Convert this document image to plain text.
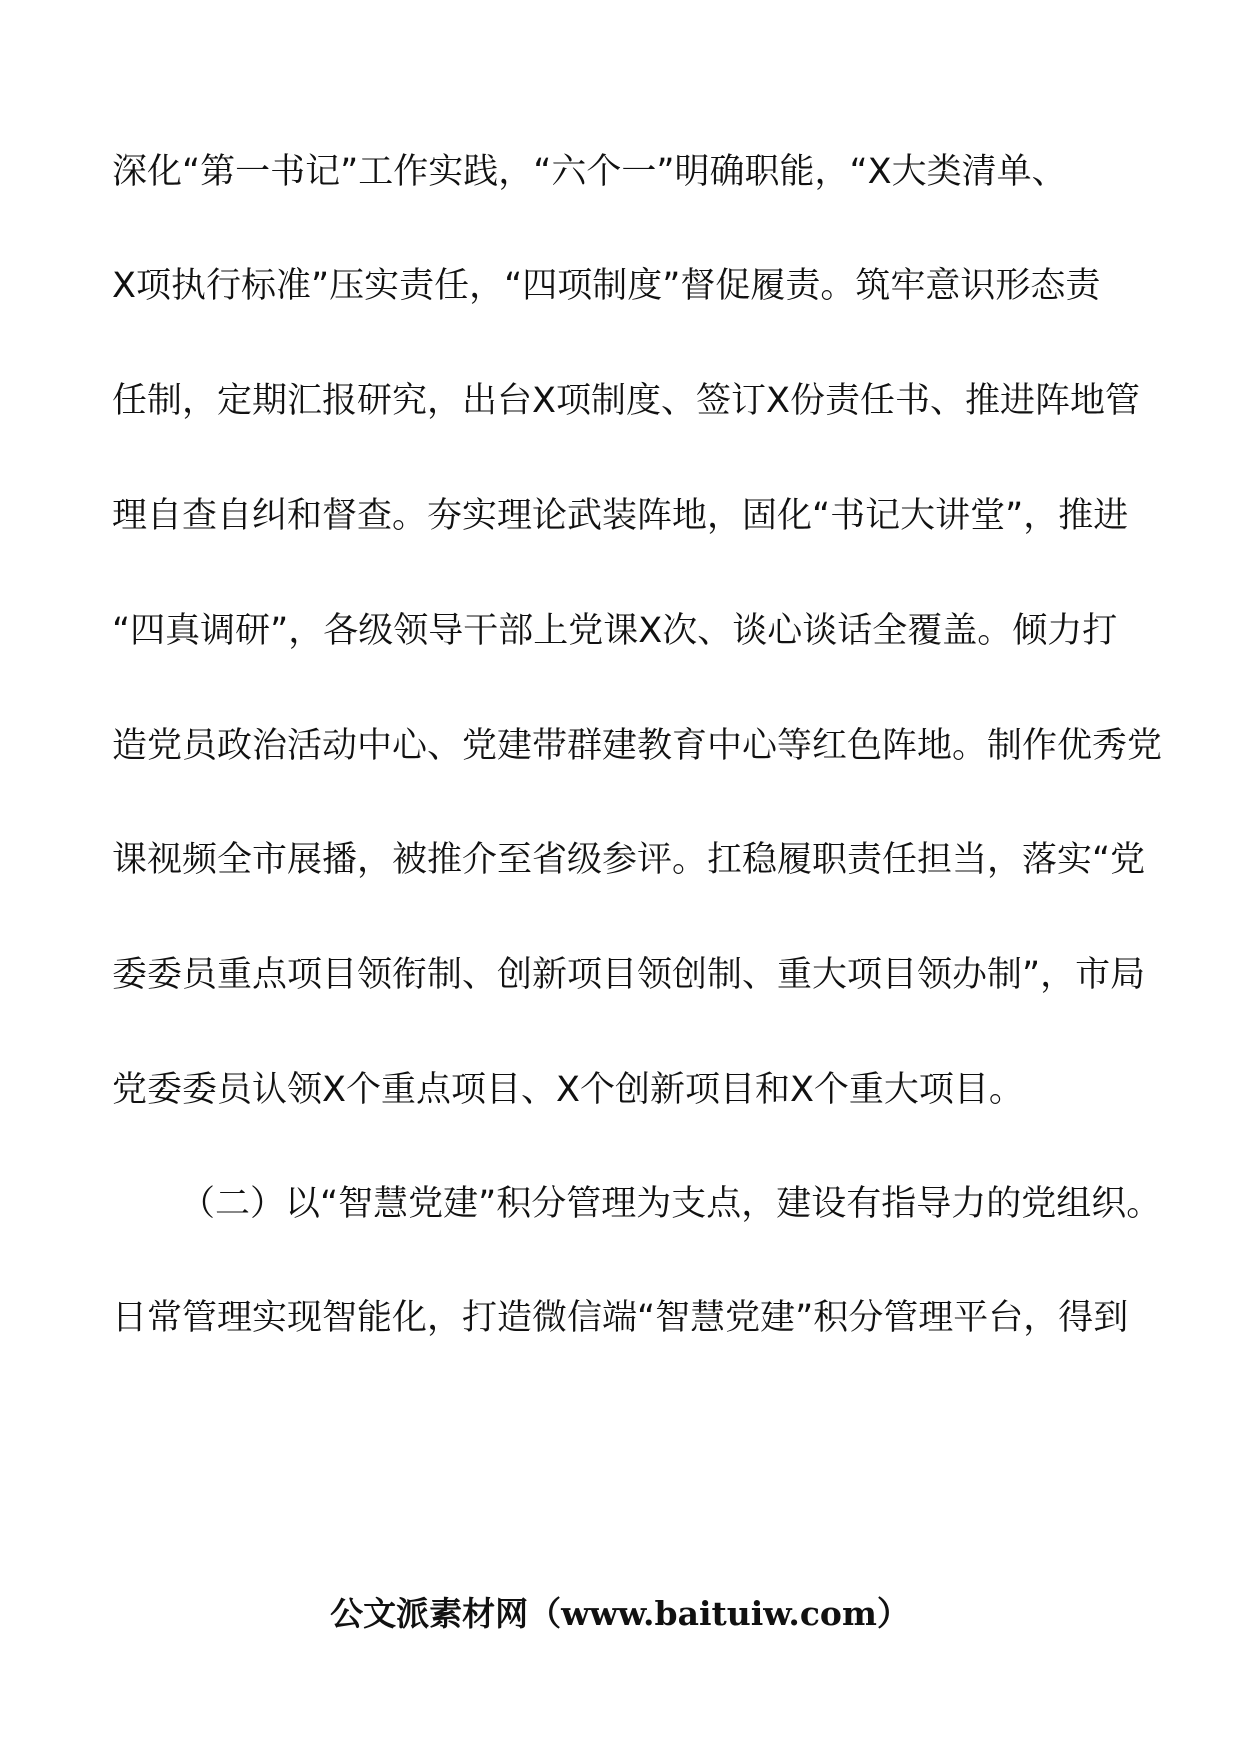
深化“第一书记”工作实践，“六个一”明确职能，“X大类清单、
X项执行标准”压实责任，“四项制度”督促履责。筑牢意识形态责
任制，定期汇报研究，出台X项制度、签订X份责任书、推进阵地管
理自查自纠和督查。夯实理论武装阵地，固化“书记大讲堂”，推进
“四真调研”，各级领导干部上党课X次、谈心谈话全覆盖。倾力打
造党员政治活动中心、党建带群建教育中心等红色阵地。制作优秀党
课视频全市展播，被推介至省级参评。扛稳履职责任担当，落实“党
委委员重点项目领衔制、创新项目领创制、重大项目领办制”，市局
党委委员认领X个重点项目、X个创新项目和X个重大项目。
（二）以“智慧党建”积分管理为支点，建设有指导力的党组织。
日常管理实现智能化，打造微信端“智慧党建”积分管理平台，得到
公文派素材网（www.baituiw.com）
